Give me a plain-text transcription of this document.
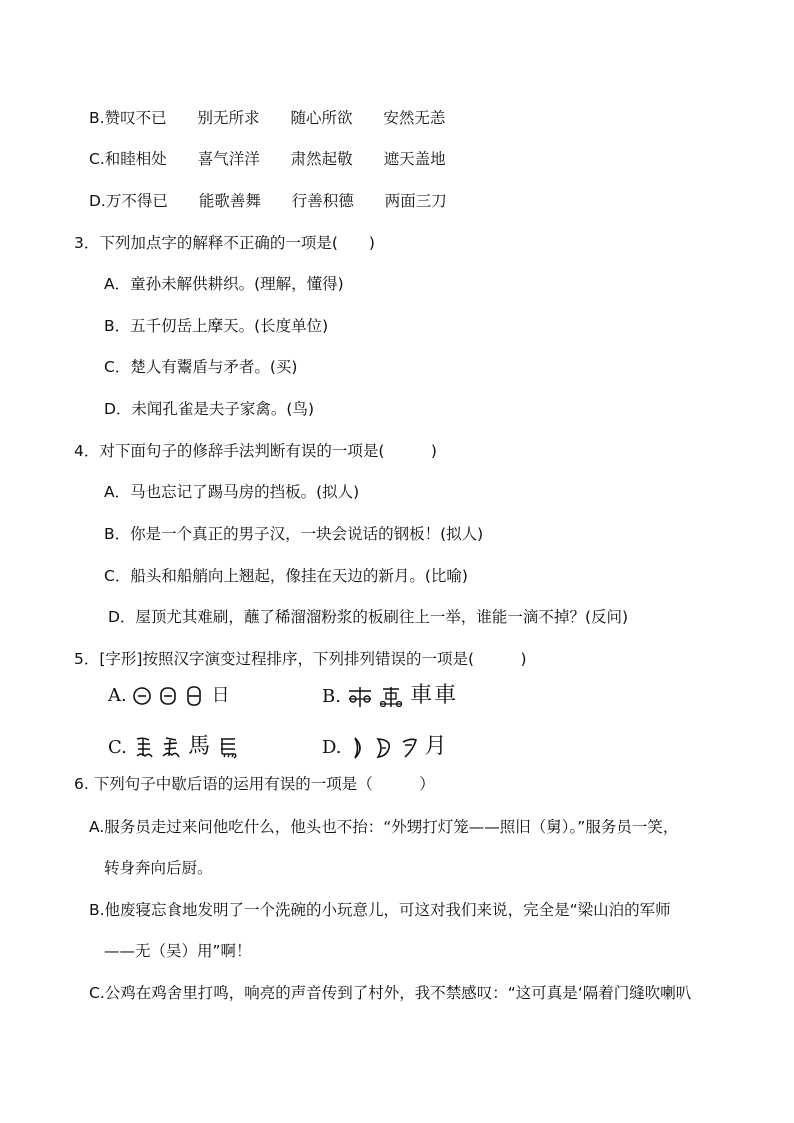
B.赞叹不已 别无所求 随心所欲 安然无恙
C.和睦相处 喜气洋洋 肃然起敬 遮天盖地
D.万不得已 能歌善舞 行善积德 两面三刀
3．下列加点字的解释不正确的一项是(　　)
A．童孙未解供耕织。(理解，懂得)
B．五千仞岳上摩天。(长度单位)
C．楚人有鬻盾与矛者。(买)
D．未闻孔雀是夫子家禽。(鸟)
4．对下面句子的修辞手法判断有误的一项是(　　　)
A．马也忘记了踢马房的挡板。(拟人)
B．你是一个真正的男子汉，一块会说话的钢板！(拟人)
C．船头和船艄向上翘起，像挂在天边的新月。(比喻)
D．屋顶尤其难刷，蘸了稀溜溜粉浆的板刷往上一举，谁能一滴不掉？(反问)
5．[字形]按照汉字演变过程排序，下列排列错误的一项是(　　　)
A.	日	B.	車車
C.	馬	D.	月
6. 下列句子中歇后语的运用有误的一项是（　　　）
A.服务员走过来问他吃什么，他头也不抬：“外甥打灯笼——照旧（舅）。”服务员一笑，
转身奔向后厨。
B.他废寝忘食地发明了一个洗碗的小玩意儿，可这对我们来说，完全是“梁山泊的军师
——无（吴）用”啊！
C.公鸡在鸡舍里打鸣，响亮的声音传到了村外，我不禁感叹：“这可真是‘隔着门缝吹喇叭
